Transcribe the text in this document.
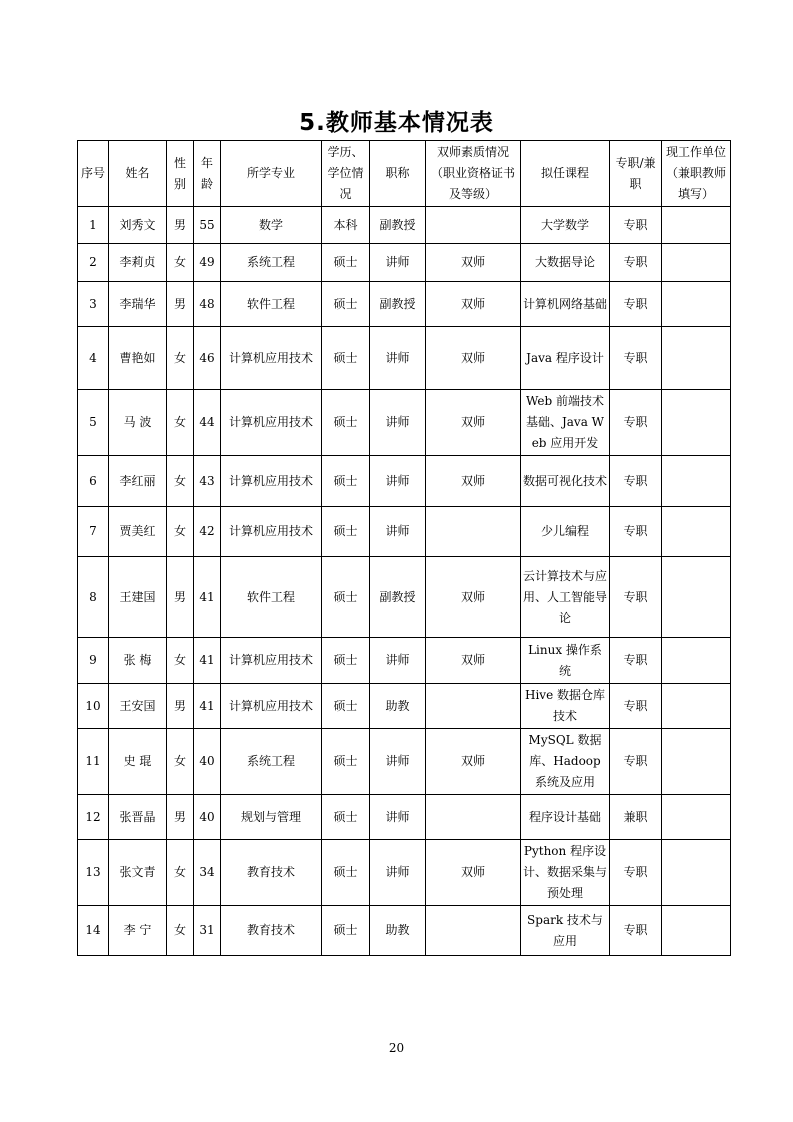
5.教师基本情况表
序号	姓名	性别	年龄	所学专业	学历、学位情况	职称	双师素质情况（职业资格证书及等级）	拟任课程	专职/兼职	现工作单位（兼职教师填写）
1	刘秀文	男	55	数学	本科	副教授		大学数学	专职	
2	李莉贞	女	49	系统工程	硕士	讲师	双师	大数据导论	专职	
3	李瑞华	男	48	软件工程	硕士	副教授	双师	计算机网络基础	专职	
4	曹艳如	女	46	计算机应用技术	硕士	讲师	双师	Java 程序设计	专职	
5	马 波	女	44	计算机应用技术	硕士	讲师	双师	Web 前端技术基础、Java Web 应用开发	专职	
6	李红丽	女	43	计算机应用技术	硕士	讲师	双师	数据可视化技术	专职	
7	贾美红	女	42	计算机应用技术	硕士	讲师		少儿编程	专职	
8	王建国	男	41	软件工程	硕士	副教授	双师	云计算技术与应用、人工智能导论	专职	
9	张 梅	女	41	计算机应用技术	硕士	讲师	双师	Linux 操作系统	专职	
10	王安国	男	41	计算机应用技术	硕士	助教		Hive 数据仓库技术	专职	
11	史 琨	女	40	系统工程	硕士	讲师	双师	MySQL 数据库、Hadoop 系统及应用	专职	
12	张晋晶	男	40	规划与管理	硕士	讲师		程序设计基础	兼职	
13	张文青	女	34	教育技术	硕士	讲师	双师	Python 程序设计、数据采集与预处理	专职	
14	李 宁	女	31	教育技术	硕士	助教		Spark 技术与应用	专职	
20
